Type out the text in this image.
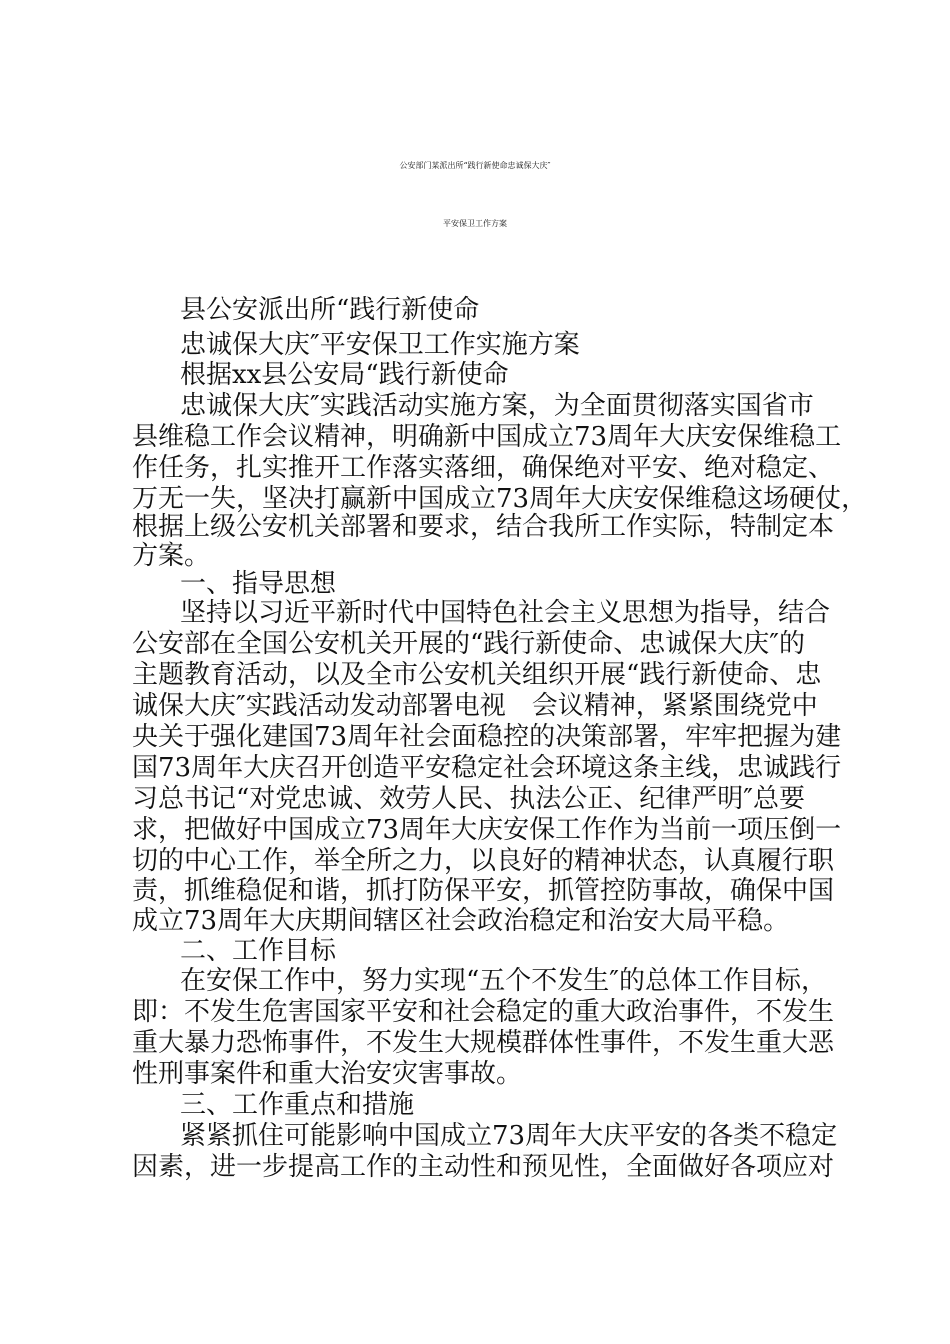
公安部门某派出所“践行新使命忠诚保大庆″
平安保卫工作方案
县公安派出所“践行新使命
忠诚保大庆″平安保卫工作实施方案
根据xx县公安局“践行新使命
忠诚保大庆″实践活动实施方案，为全面贯彻落实国省市
县维稳工作会议精神，明确新中国成立73周年大庆安保维稳工
作任务，扎实推开工作落实落细，确保绝对平安、绝对稳定、
万无一失，坚决打赢新中国成立73周年大庆安保维稳这场硬仗，
根据上级公安机关部署和要求，结合我所工作实际，特制定本
方案。
一、指导思想
坚持以习近平新时代中国特色社会主义思想为指导，结合
公安部在全国公安机关开展的“践行新使命、忠诚保大庆″的
主题教育活动，以及全市公安机关组织开展“践行新使命、忠
诚保大庆″实践活动发动部署电视　会议精神，紧紧围绕党中
央关于强化建国73周年社会面稳控的决策部署，牢牢把握为建
国73周年大庆召开创造平安稳定社会环境这条主线，忠诚践行
习总书记“对党忠诚、效劳人民、执法公正、纪律严明″总要
求，把做好中国成立73周年大庆安保工作作为当前一项压倒一
切的中心工作，举全所之力，以良好的精神状态，认真履行职
责，抓维稳促和谐，抓打防保平安，抓管控防事故，确保中国
成立73周年大庆期间辖区社会政治稳定和治安大局平稳。
二、工作目标
在安保工作中，努力实现“五个不发生″的总体工作目标，
即：不发生危害国家平安和社会稳定的重大政治事件，不发生
重大暴力恐怖事件，不发生大规模群体性事件，不发生重大恶
性刑事案件和重大治安灾害事故。
三、工作重点和措施
紧紧抓住可能影响中国成立73周年大庆平安的各类不稳定
因素，进一步提高工作的主动性和预见性，全面做好各项应对
